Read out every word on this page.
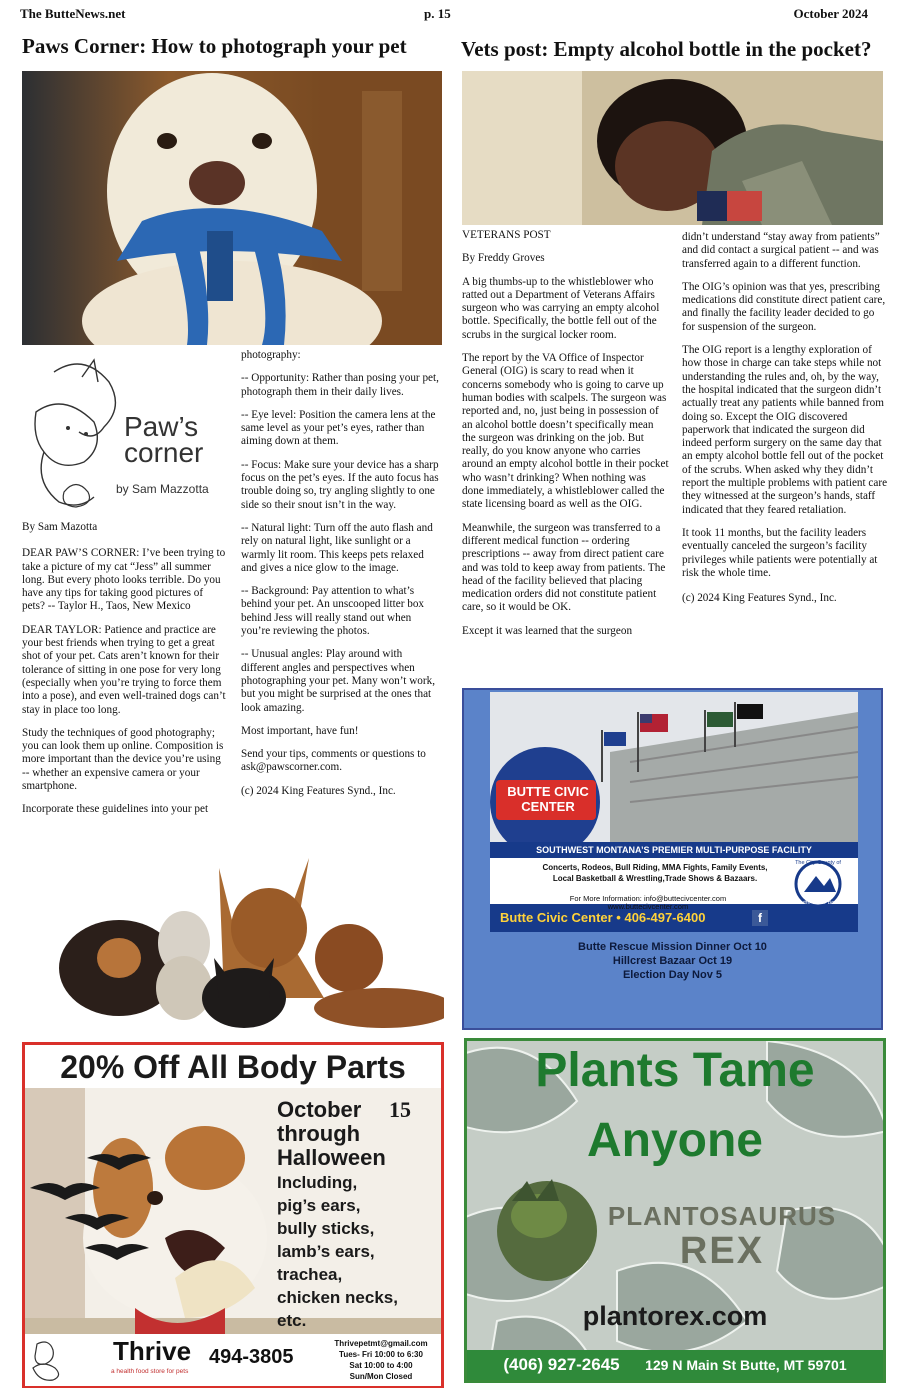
The ButteNews.net	p. 15	October 2024
Paws Corner: How to photograph your pet
Paw’s
corner
by Sam Mazzotta

By Sam Mazotta

DEAR PAW’S CORNER: I’ve been trying to take a picture of my cat “Jess” all summer long. But every photo looks terrible. Do you have any tips for taking good pictures of pets? -- Taylor H., Taos, New Mexico

DEAR TAYLOR: Patience and practice are your best friends when trying to get a great shot of your pet. Cats aren’t known for their tolerance of sitting in one pose for very long (especially when you’re trying to force them into a pose), and even well-trained dogs can’t stay in place too long.

Study the techniques of good photography; you can look them up online. Composition is more important than the device you’re using -- whether an expensive camera or your smartphone.

Incorporate these guidelines into your pet

photography:

-- Opportunity: Rather than posing your pet, photograph them in their daily lives.

-- Eye level: Position the camera lens at the same level as your pet’s eyes, rather than aiming down at them.

-- Focus: Make sure your device has a sharp focus on the pet’s eyes. If the auto focus has trouble doing so, try angling slightly to one side so their snout isn’t in the way.

-- Natural light: Turn off the auto flash and rely on natural light, like sunlight or a warmly lit room. This keeps pets relaxed and gives a nice glow to the image.

-- Background: Pay attention to what’s behind your pet. An unscooped litter box behind Jess will really stand out when you’re reviewing the photos.

-- Unusual angles: Play around with different angles and perspectives when photographing your pet. Many won’t work, but you might be surprised at the ones that look amazing.

Most important, have fun!

Send your tips, comments or questions to ask@pawscorner.com.

(c) 2024 King Features Synd., Inc.

Vets post: Empty alcohol bottle in the pocket?

VETERANS POST

By Freddy Groves

A big thumbs-up to the whistleblower who ratted out a Department of Veterans Affairs surgeon who was carrying an empty alcohol bottle. Specifically, the bottle fell out of the scrubs in the surgical locker room.

The report by the VA Office of Inspector General (OIG) is scary to read when it concerns somebody who is going to carve up human bodies with scalpels. The surgeon was reported and, no, just being in possession of an alcohol bottle doesn’t specifically mean the surgeon was drinking on the job. But really, do you know anyone who carries around an empty alcohol bottle in their pocket who wasn’t drinking? When nothing was done immediately, a whistleblower called the state licensing board as well as the OIG.

Meanwhile, the surgeon was transferred to a different medical function -- ordering prescriptions -- away from direct patient care and was told to keep away from patients. The head of the facility believed that placing medication orders did not constitute patient care, so it would be OK.

Except it was learned that the surgeon

didn’t understand “stay away from patients” and did contact a surgical patient -- and was transferred again to a different function.

The OIG’s opinion was that yes, prescribing medications did constitute direct patient care, and finally the facility leader decided to go for suspension of the surgeon.

The OIG report is a lengthy exploration of how those in charge can take steps while not understanding the rules and, oh, by the way, the hospital indicated that the surgeon didn’t actually treat any patients while banned from doing so. Except the OIG discovered paperwork that indicated the surgeon did indeed perform surgery on the same day that an empty alcohol bottle fell out of the pocket of the scrubs. When asked why they didn’t report the multiple problems with patient care they witnessed at the surgeon’s hands, staff indicated that they feared retaliation.

It took 11 months, but the facility leaders eventually canceled the surgeon’s facility privileges while patients were potentially at risk the whole time.

(c) 2024 King Features Synd., Inc.

BUTTE CIVIC
CENTER
SOUTHWEST MONTANA’S PREMIER MULTI-PURPOSE FACILITY
Concerts, Rodeos, Bull Riding, MMA Fights, Family Events,
Local Basketball & Wrestling,Trade Shows & Bazaars.
For More Information: info@buttecivcenter.com
www.buttecivcenter.com
Butte Civic Center • 406-497-6400	f
The City-County of
Butte-Silver Bow
Butte Rescue Mission Dinner Oct 10
Hillcrest Bazaar Oct 19
Election Day Nov 5
20% Off All Body Parts
October 15
through
Halloween
Including,
pig’s ears,
bully sticks,
lamb’s ears,
trachea,
chicken necks,
etc.
Thrive
a health food store for pets
494-3805
Thrivepetmt@gmail.com
Tues- Fri 10:00 to 6:30
Sat 10:00 to 4:00
Sun/Mon Closed
Plants Tame
Anyone
PLANTOSAURUS
REX
plantorex.com
(406) 927-2645 129 N Main St Butte, MT 59701
